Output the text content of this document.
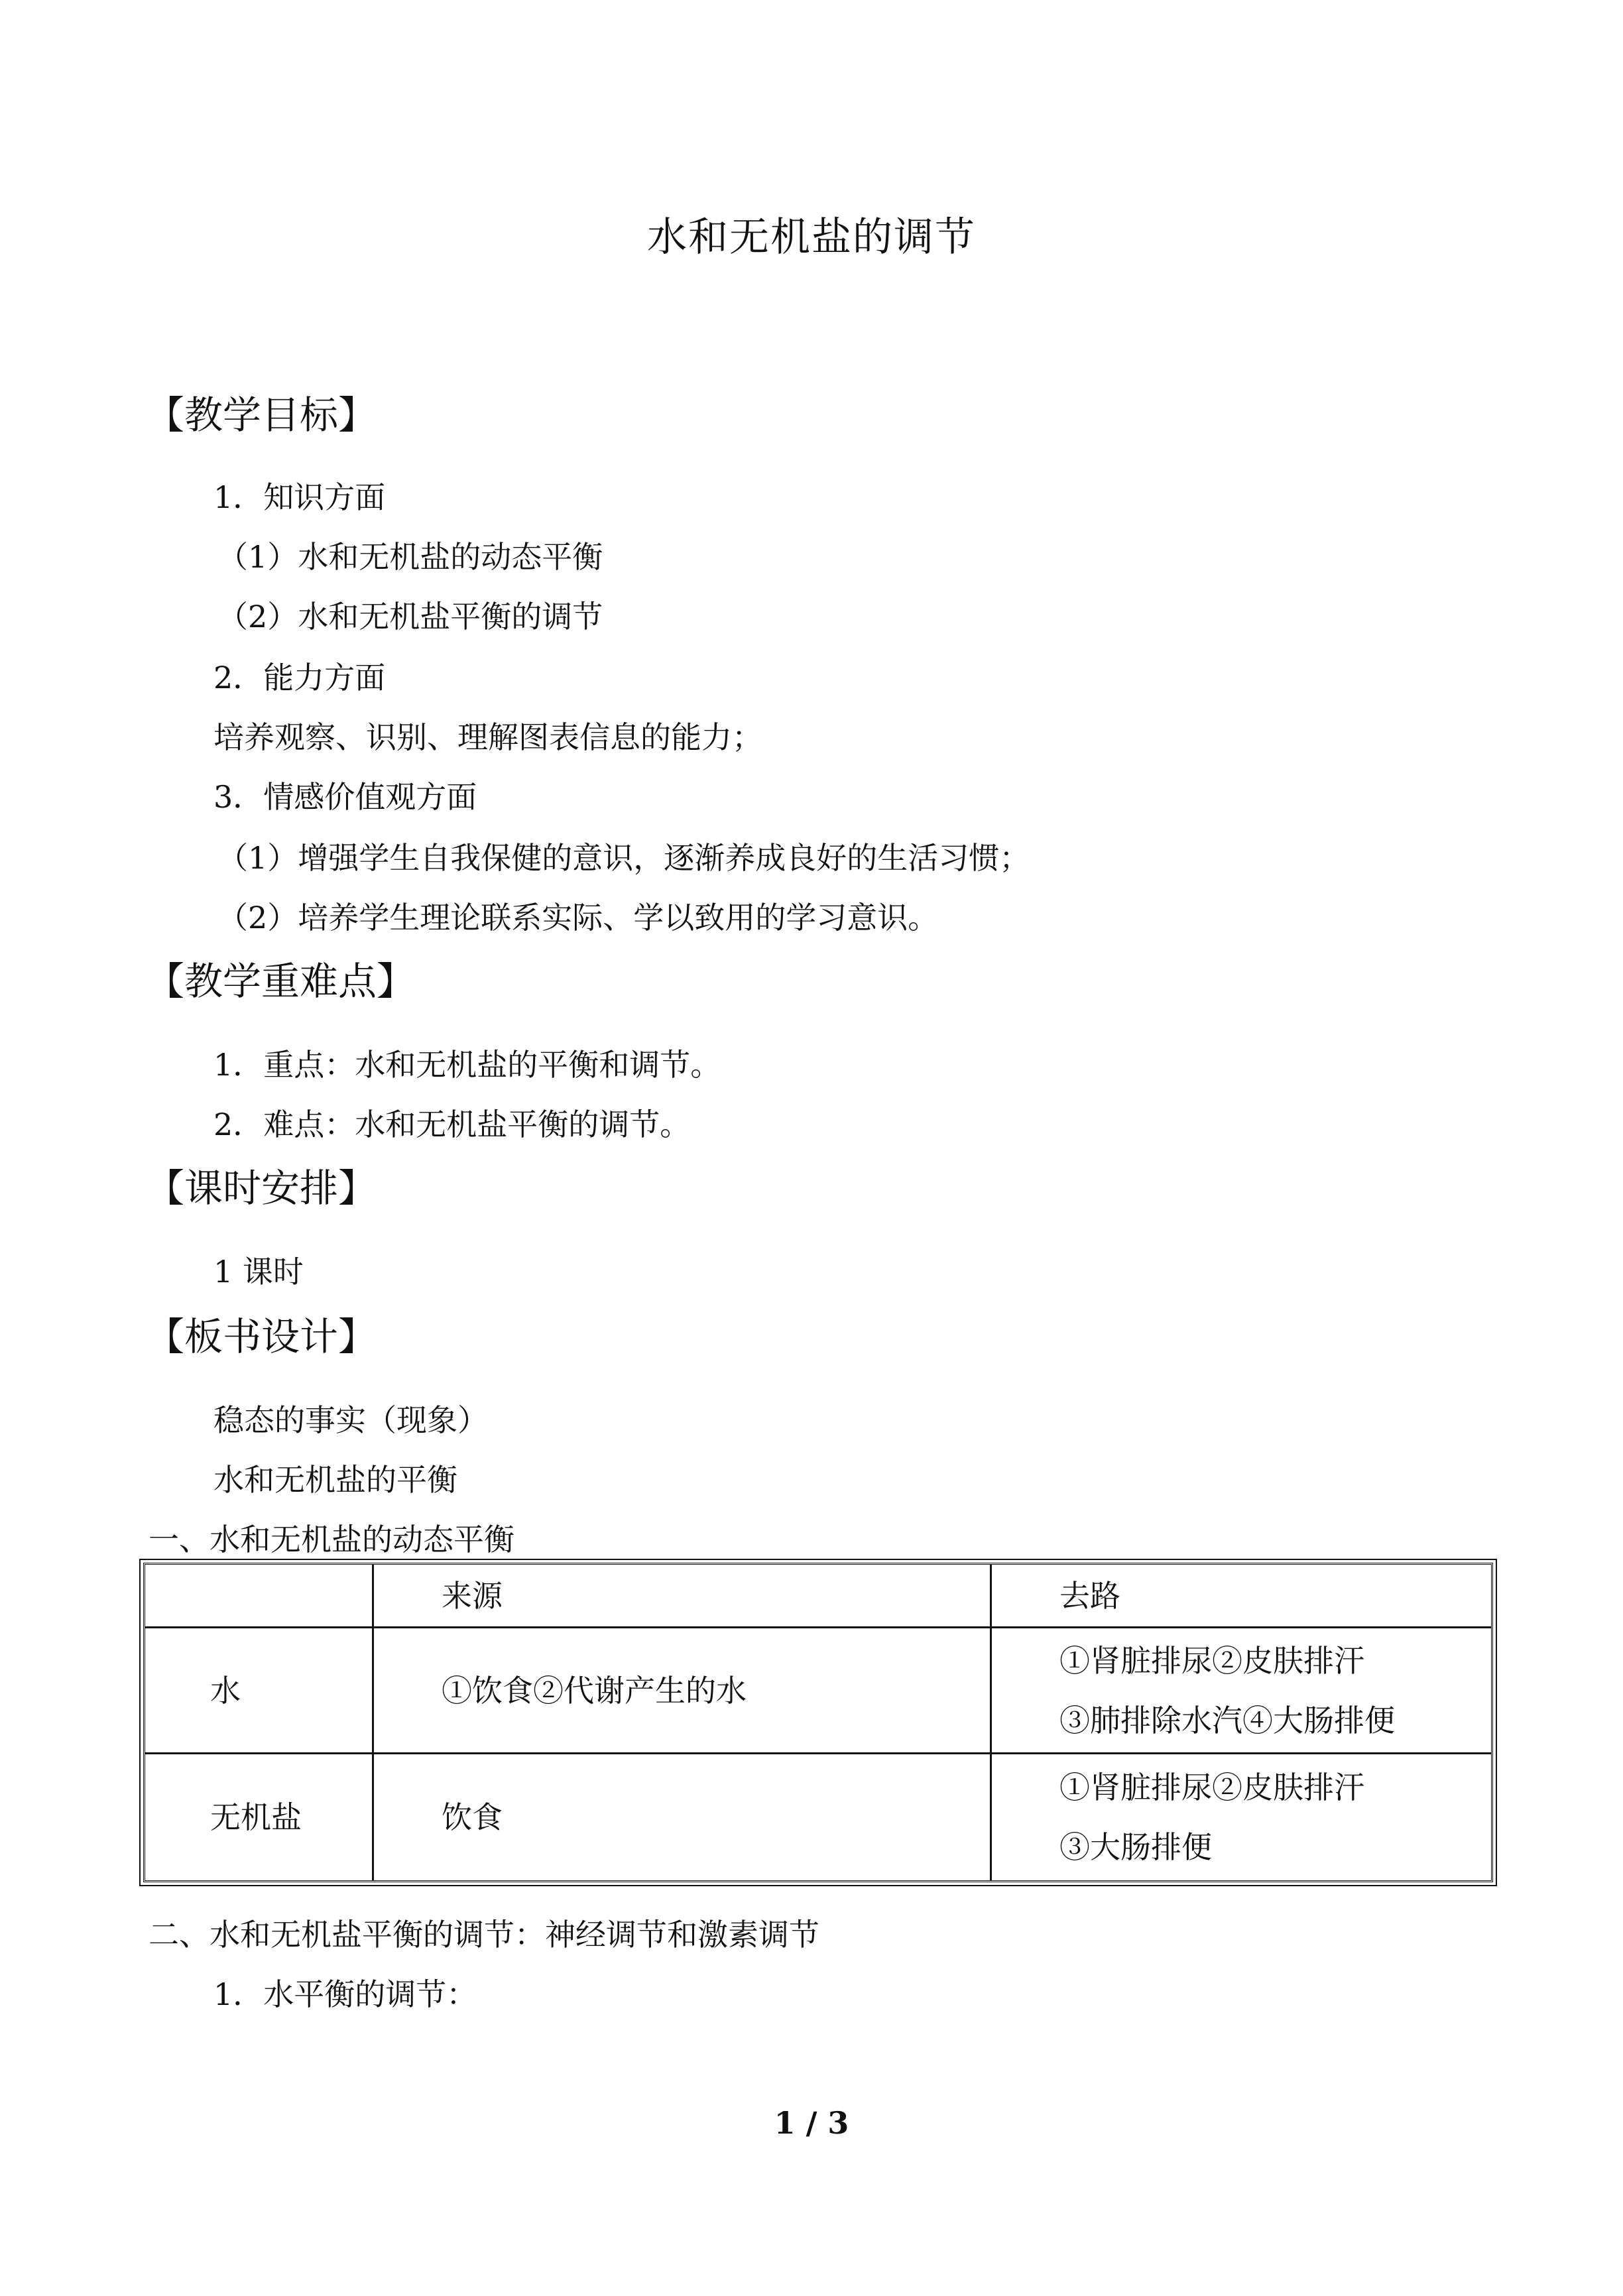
水和无机盐的调节
【教学目标】
1．知识方面
（1）水和无机盐的动态平衡
（2）水和无机盐平衡的调节
2．能力方面
培养观察、识别、理解图表信息的能力；
3．情感价值观方面
（1）增强学生自我保健的意识，逐渐养成良好的生活习惯；
（2）培养学生理论联系实际、学以致用的学习意识。
【教学重难点】
1．重点：水和无机盐的平衡和调节。
2．难点：水和无机盐平衡的调节。
【课时安排】
1 课时
【板书设计】
稳态的事实（现象）
水和无机盐的平衡
一、水和无机盐的动态平衡
	来源	去路
水	①饮食②代谢产生的水	①肾脏排尿②皮肤排汗
③肺排除水汽④大肠排便

无机盐	饮食	①肾脏排尿②皮肤排汗
③大肠排便
二、水和无机盐平衡的调节：神经调节和激素调节
1．水平衡的调节：
1 / 3
